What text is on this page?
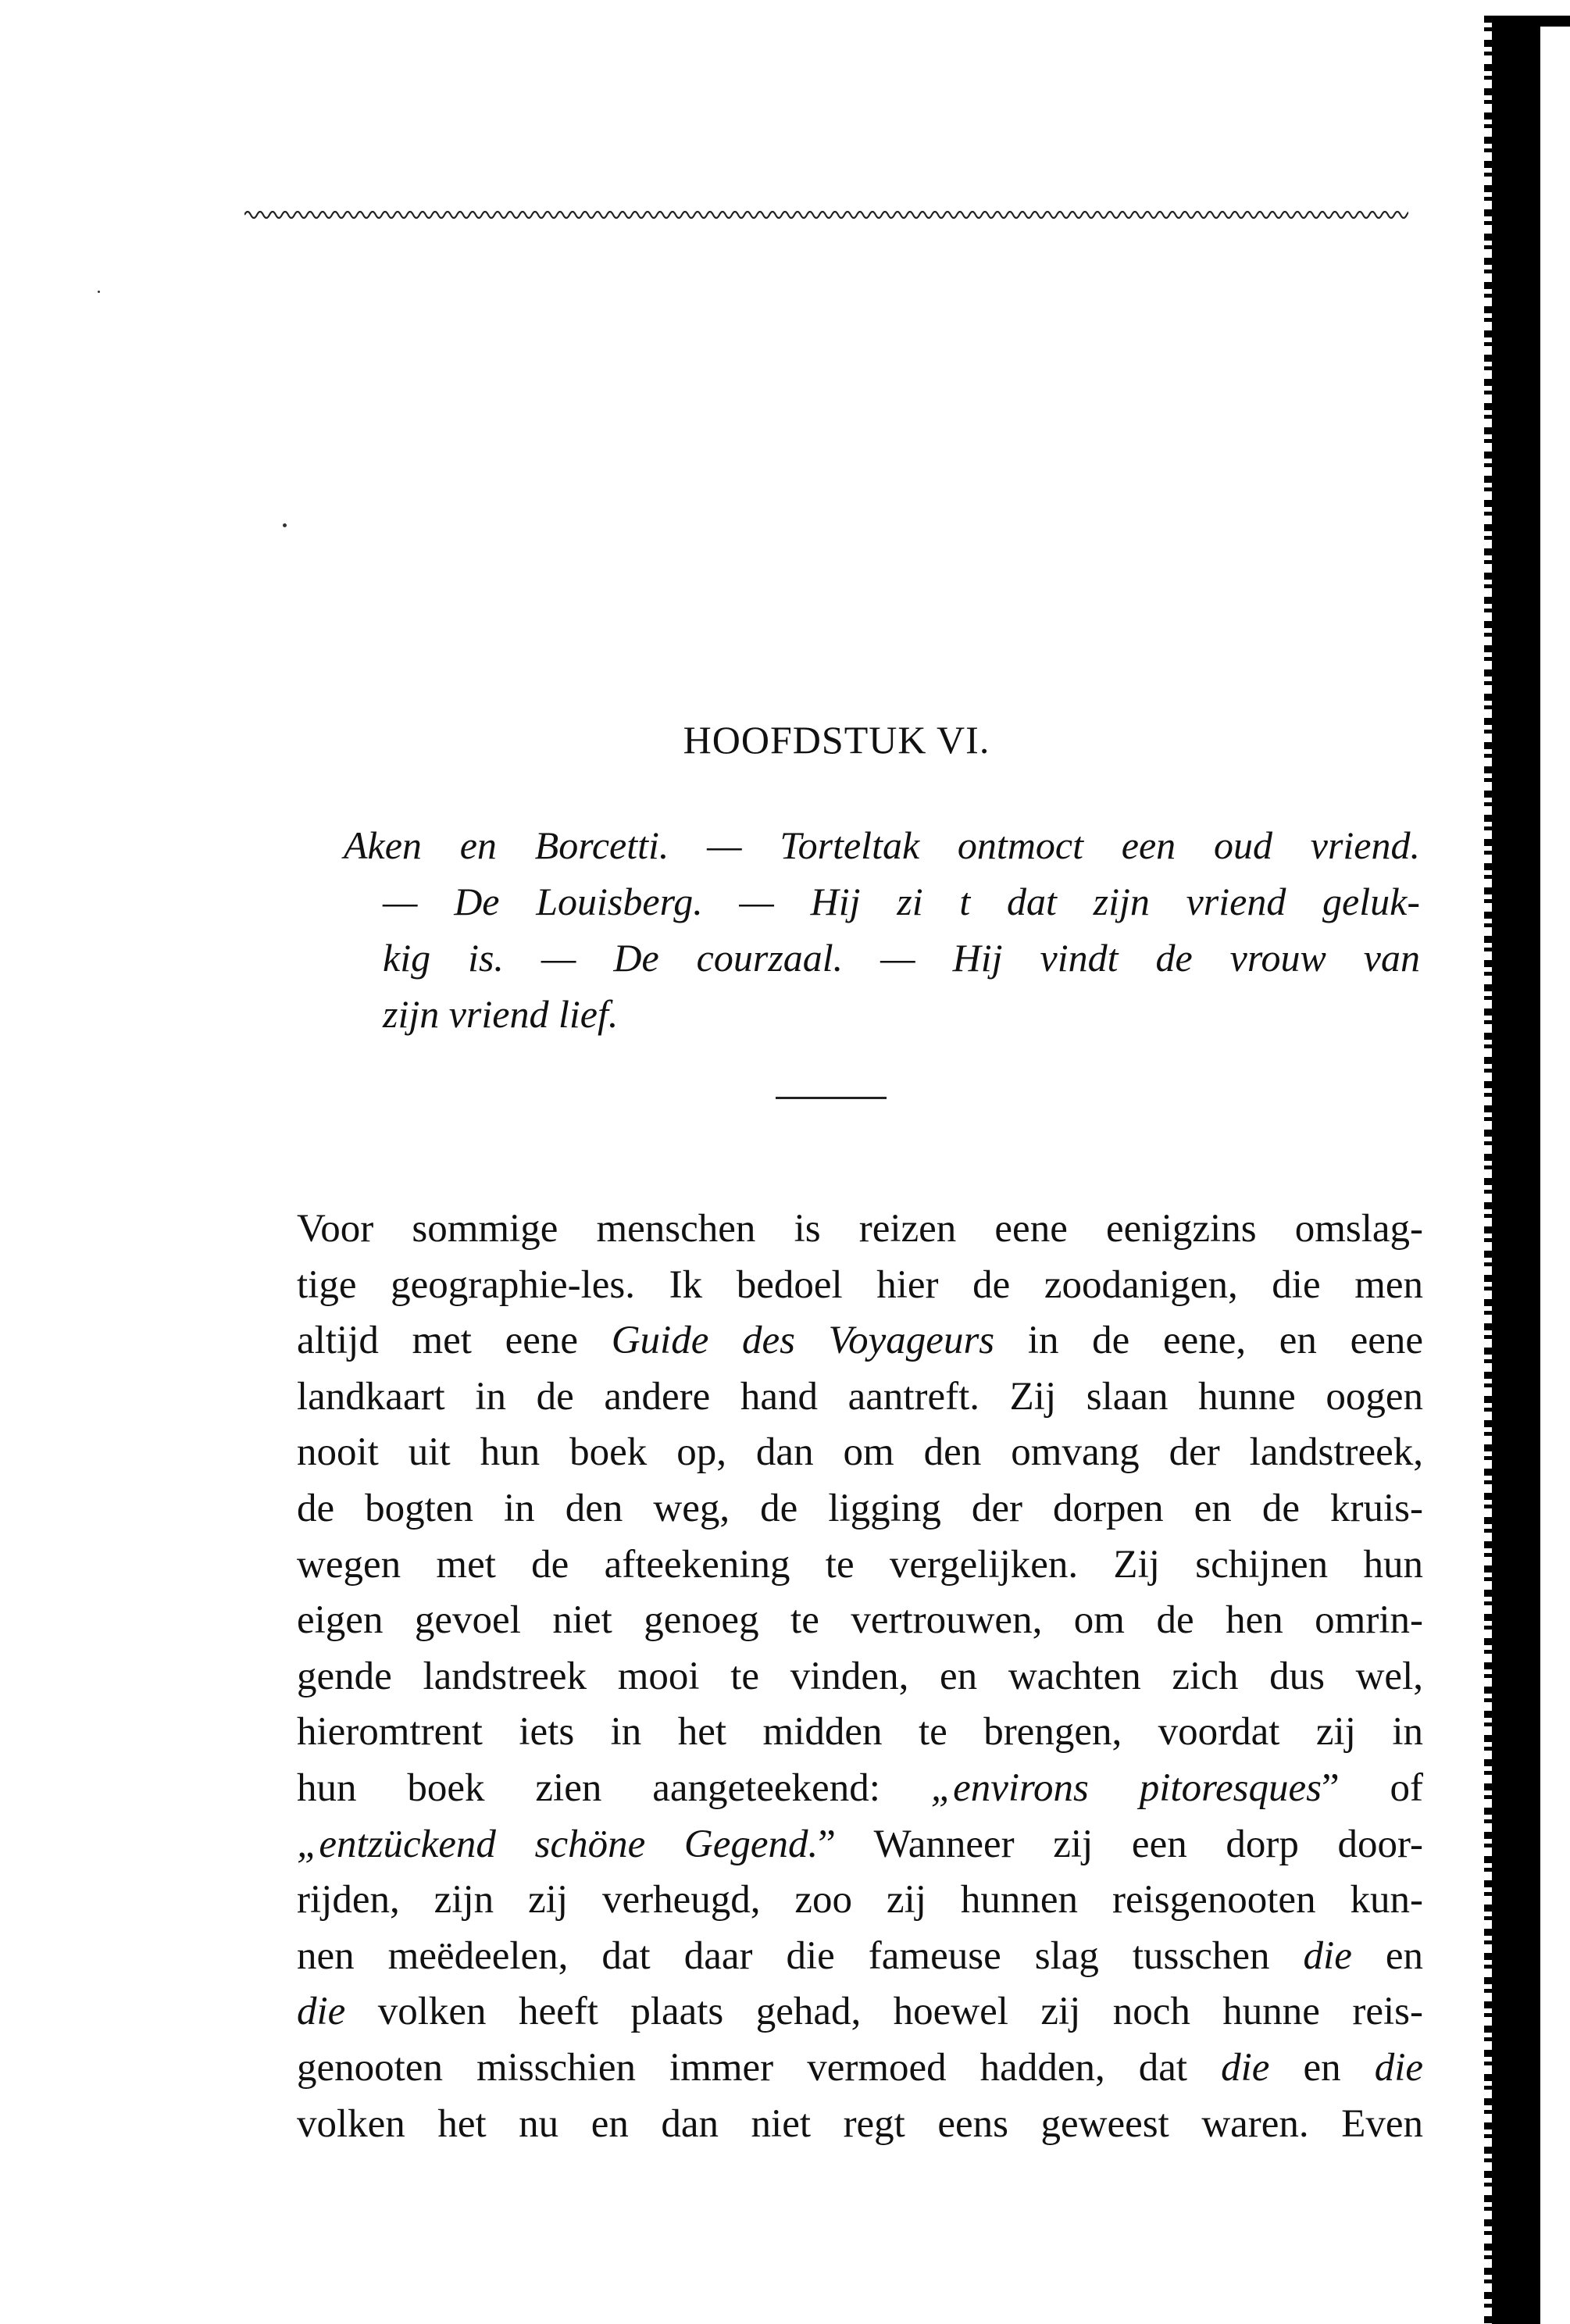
HOOFDSTUK VI.
Aken en Borcetti. — Torteltak ontmoct een oud vriend.
— De Louisberg. — Hij zi t dat zijn vriend geluk-
kig is. — De courzaal. — Hij vindt de vrouw van
zijn vriend lief.
Voor sommige menschen is reizen eene eenigzins omslag-
tige geographie-les. Ik bedoel hier de zoodanigen, die men
altijd met eene Guide des Voyageurs in de eene, en eene
landkaart in de andere hand aantreft. Zij slaan hunne oogen
nooit uit hun boek op, dan om den omvang der landstreek,
de bogten in den weg, de ligging der dorpen en de kruis-
wegen met de afteekening te vergelijken. Zij schijnen hun
eigen gevoel niet genoeg te vertrouwen, om de hen omrin-
gende landstreek mooi te vinden, en wachten zich dus wel,
hieromtrent iets in het midden te brengen, voordat zij in
hun boek zien aangeteekend: „environs pitoresques” of
„entzückend schöne Gegend.” Wanneer zij een dorp door-
rijden, zijn zij verheugd, zoo zij hunnen reisgenooten kun-
nen meëdeelen, dat daar die fameuse slag tusschen die en
die volken heeft plaats gehad, hoewel zij noch hunne reis-
genooten misschien immer vermoed hadden, dat die en die
volken het nu en dan niet regt eens geweest waren. Even
